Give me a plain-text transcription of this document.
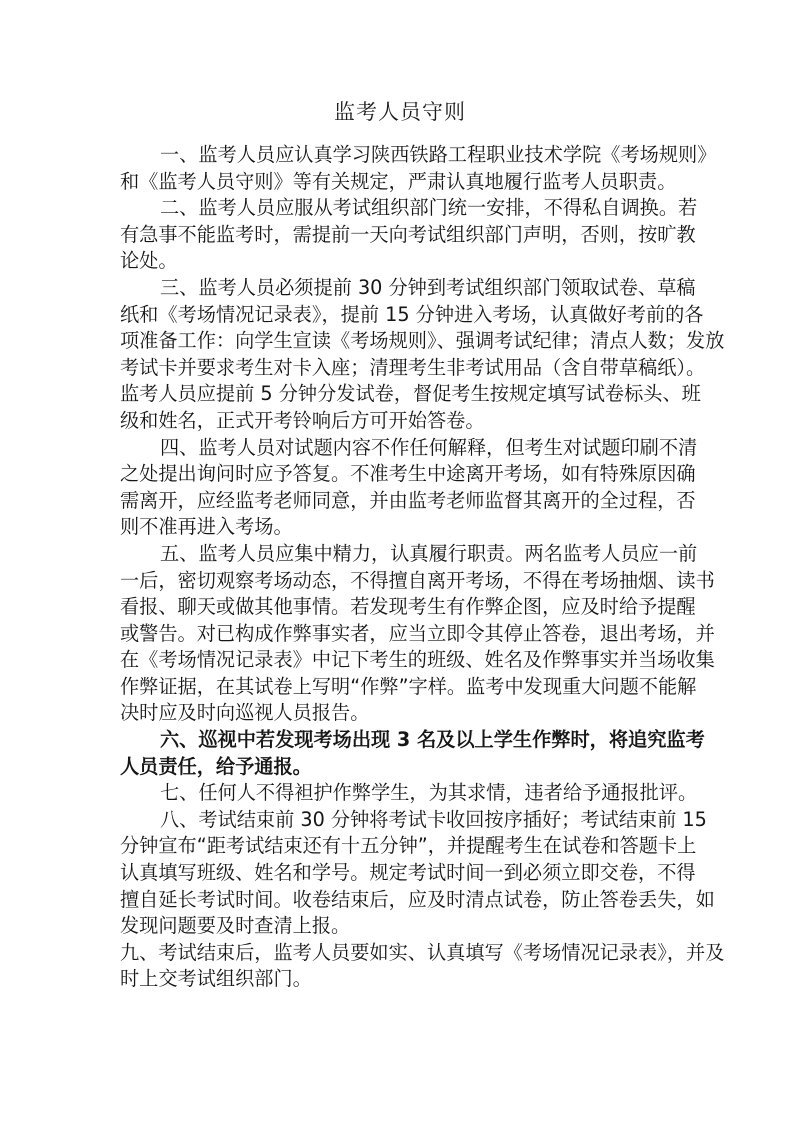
监考人员守则
一、监考人员应认真学习陕西铁路工程职业技术学院《考场规则》
和《监考人员守则》等有关规定，严肃认真地履行监考人员职责。
二、监考人员应服从考试组织部门统一安排，不得私自调换。若
有急事不能监考时，需提前一天向考试组织部门声明，否则，按旷教
论处。
三、监考人员必须提前 30 分钟到考试组织部门领取试卷、草稿
纸和《考场情况记录表》，提前 15 分钟进入考场，认真做好考前的各
项准备工作：向学生宣读《考场规则》、强调考试纪律；清点人数；发放
考试卡并要求考生对卡入座；清理考生非考试用品（含自带草稿纸）。
监考人员应提前 5 分钟分发试卷，督促考生按规定填写试卷标头、班
级和姓名，正式开考铃响后方可开始答卷。
四、监考人员对试题内容不作任何解释，但考生对试题印刷不清
之处提出询问时应予答复。不准考生中途离开考场，如有特殊原因确
需离开，应经监考老师同意，并由监考老师监督其离开的全过程，否
则不准再进入考场。
五、监考人员应集中精力，认真履行职责。两名监考人员应一前
一后，密切观察考场动态，不得擅自离开考场，不得在考场抽烟、读书
看报、聊天或做其他事情。若发现考生有作弊企图，应及时给予提醒
或警告。对已构成作弊事实者，应当立即令其停止答卷，退出考场，并
在《考场情况记录表》中记下考生的班级、姓名及作弊事实并当场收集
作弊证据，在其试卷上写明“作弊”字样。监考中发现重大问题不能解
决时应及时向巡视人员报告。
六、巡视中若发现考场出现 3 名及以上学生作弊时，将追究监考
人员责任，给予通报。
七、任何人不得袒护作弊学生，为其求情，违者给予通报批评。
八、考试结束前 30 分钟将考试卡收回按序插好；考试结束前 15
分钟宣布“距考试结束还有十五分钟”，并提醒考生在试卷和答题卡上
认真填写班级、姓名和学号。规定考试时间一到必须立即交卷，不得
擅自延长考试时间。收卷结束后，应及时清点试卷，防止答卷丢失，如
发现问题要及时查清上报。
九、考试结束后，监考人员要如实、认真填写《考场情况记录表》，并及
时上交考试组织部门。
